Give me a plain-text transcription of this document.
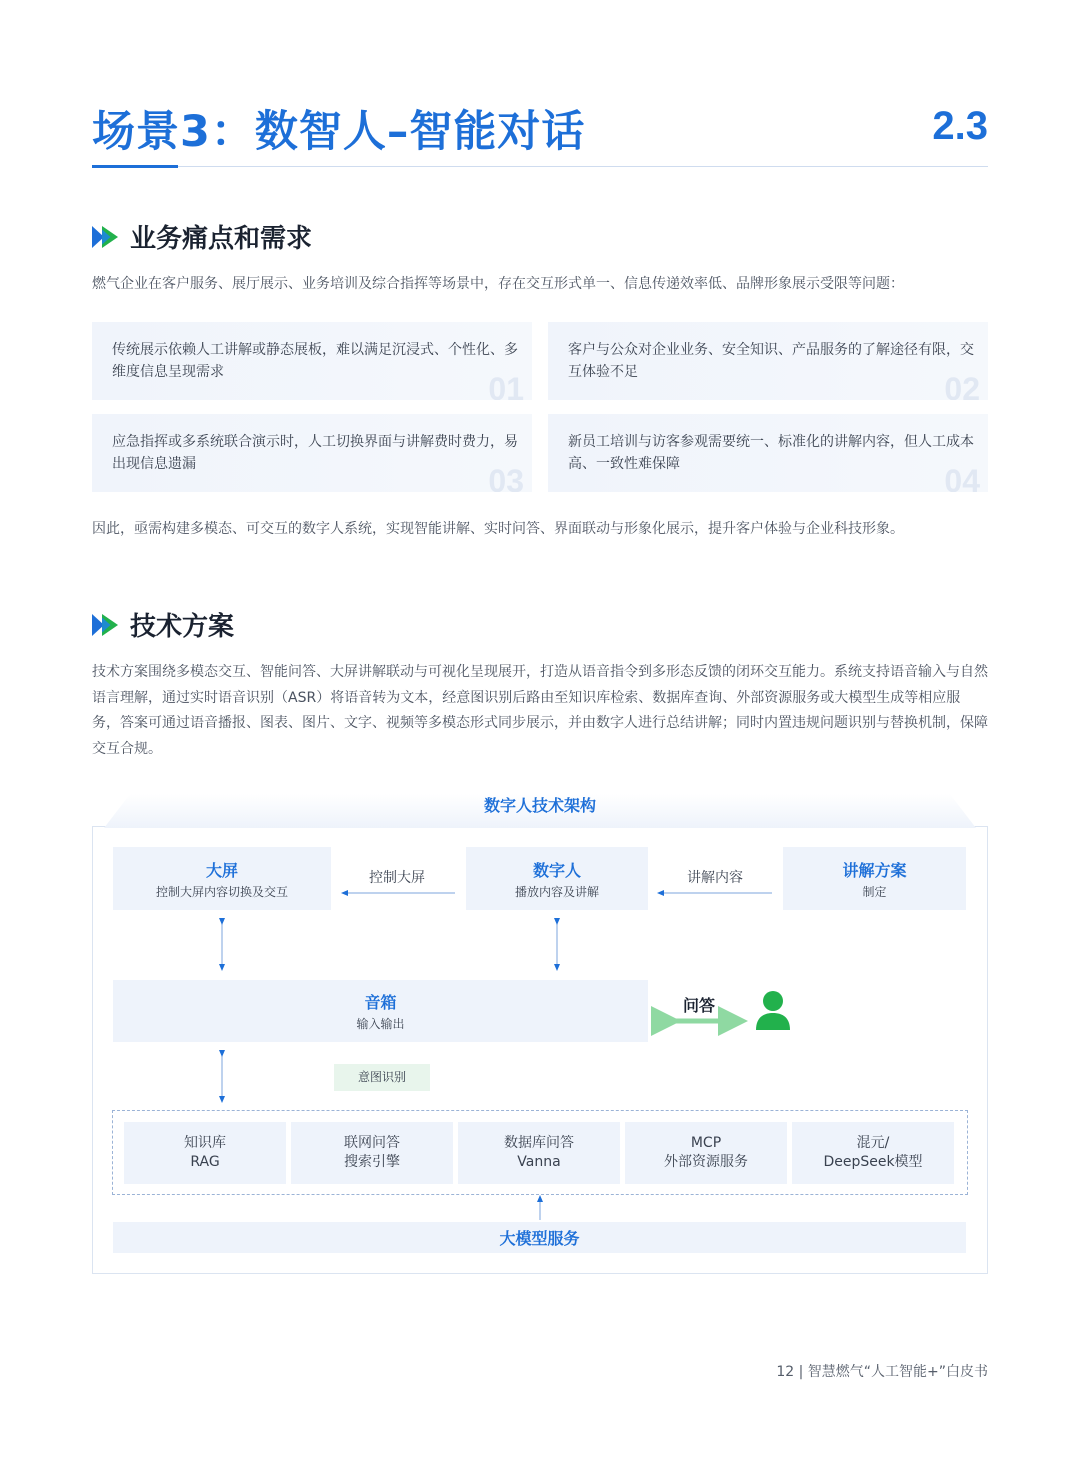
场景3：数智人–智能对话	2.3
业务痛点和需求
燃气企业在客户服务、展厅展示、业务培训及综合指挥等场景中，存在交互形式单一、信息传递效率低、品牌形象展示受限等问题：
传统展示依赖人工讲解或静态展板，难以满足沉浸式、个性化、多维度信息呈现需求	01
客户与公众对企业业务、安全知识、产品服务的了解途径有限，交互体验不足	02
应急指挥或多系统联合演示时，人工切换界面与讲解费时费力，易出现信息遗漏	03
新员工培训与访客参观需要统一、标准化的讲解内容，但人工成本高、一致性难保障	04
因此，亟需构建多模态、可交互的数字人系统，实现智能讲解、实时问答、界面联动与形象化展示，提升客户体验与企业科技形象。
技术方案
技术方案围绕多模态交互、智能问答、大屏讲解联动与可视化呈现展开，打造从语音指令到多形态反馈的闭环交互能力。系统支持语音输入与自然语言理解，通过实时语音识别（ASR）将语音转为文本，经意图识别后路由至知识库检索、数据库查询、外部资源服务或大模型生成等相应服务，答案可通过语音播报、图表、图片、文字、视频等多模态形式同步展示，并由数字人进行总结讲解；同时内置违规问题识别与替换机制，保障交互合规。
数字人技术架构
大屏
控制大屏内容切换及交互
数字人
播放内容及讲解
讲解方案
制定
控制大屏	讲解内容
音箱
输入输出
问答
意图识别
知识库
RAG
联网问答
搜索引擎
数据库问答
Vanna
MCP
外部资源服务
混元/
DeepSeek模型
大模型服务
12 | 智慧燃气“人工智能+”白皮书
